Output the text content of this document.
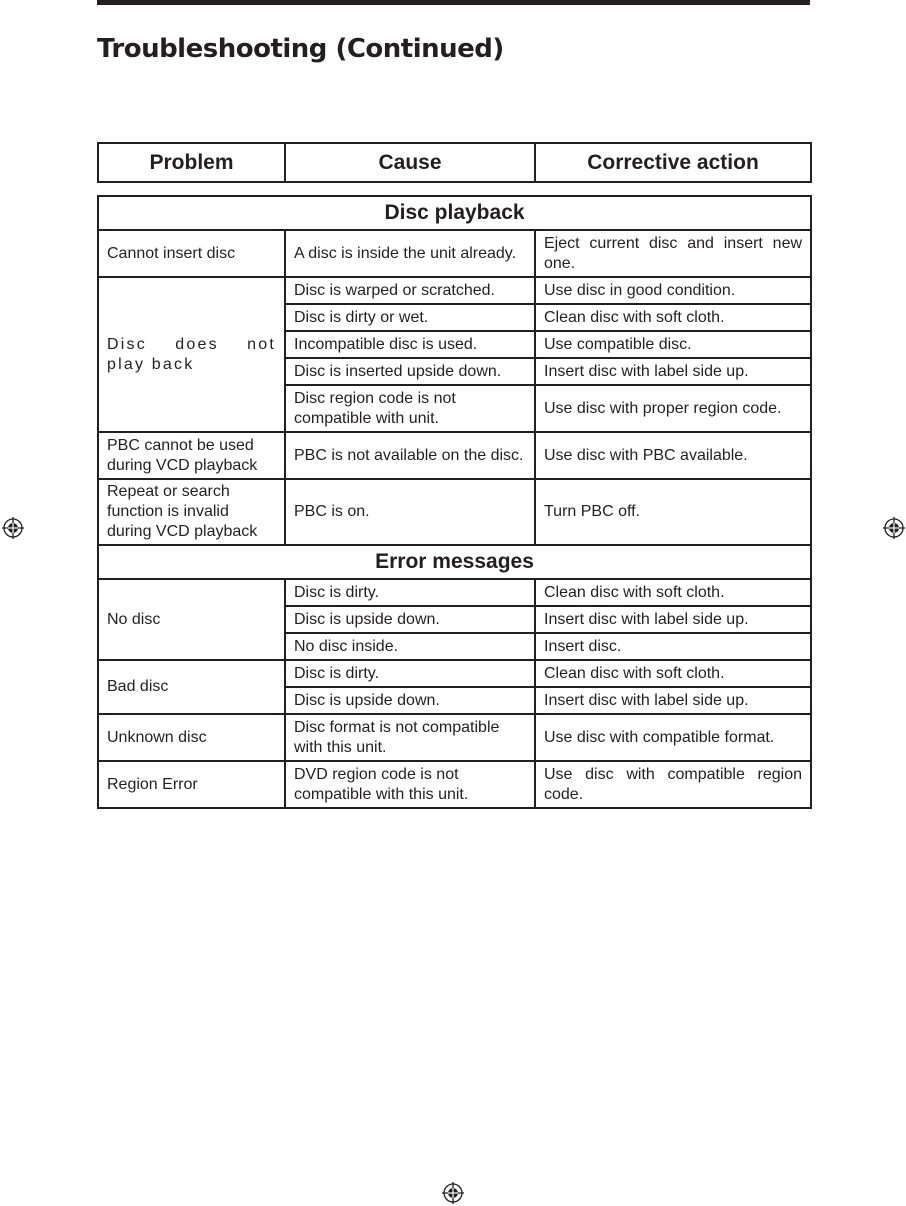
Troubleshooting (Continued)
Problem	Cause	Corrective action
Disc playback		
Cannot insert disc	A disc is inside the unit already.	Eject current disc and insert new one.
Disc does not play back	Disc is warped or scratched.	Use disc in good condition.
	Disc is dirty or wet.	Clean disc with soft cloth.
	Incompatible disc is used.	Use compatible disc.
	Disc is inserted upside down.	Insert disc with label side up.
	Disc region code is not compatible with unit.	Use disc with proper region code.
PBC cannot be used during VCD playback	PBC is not available on the disc.	Use disc with PBC available.
Repeat or search function is invalid during VCD playback	PBC is on.	Turn PBC off.
Error messages		
No disc	Disc is dirty.	Clean disc with soft cloth.
	Disc is upside down.	Insert disc with label side up.
	No disc inside.	Insert disc.
Bad disc	Disc is dirty.	Clean disc with soft cloth.
	Disc is upside down.	Insert disc with label side up.
Unknown disc	Disc format is not compatible with this unit.	Use disc with compatible format.
Region Error	DVD region code is not compatible with this unit.	Use disc with compatible region code.
